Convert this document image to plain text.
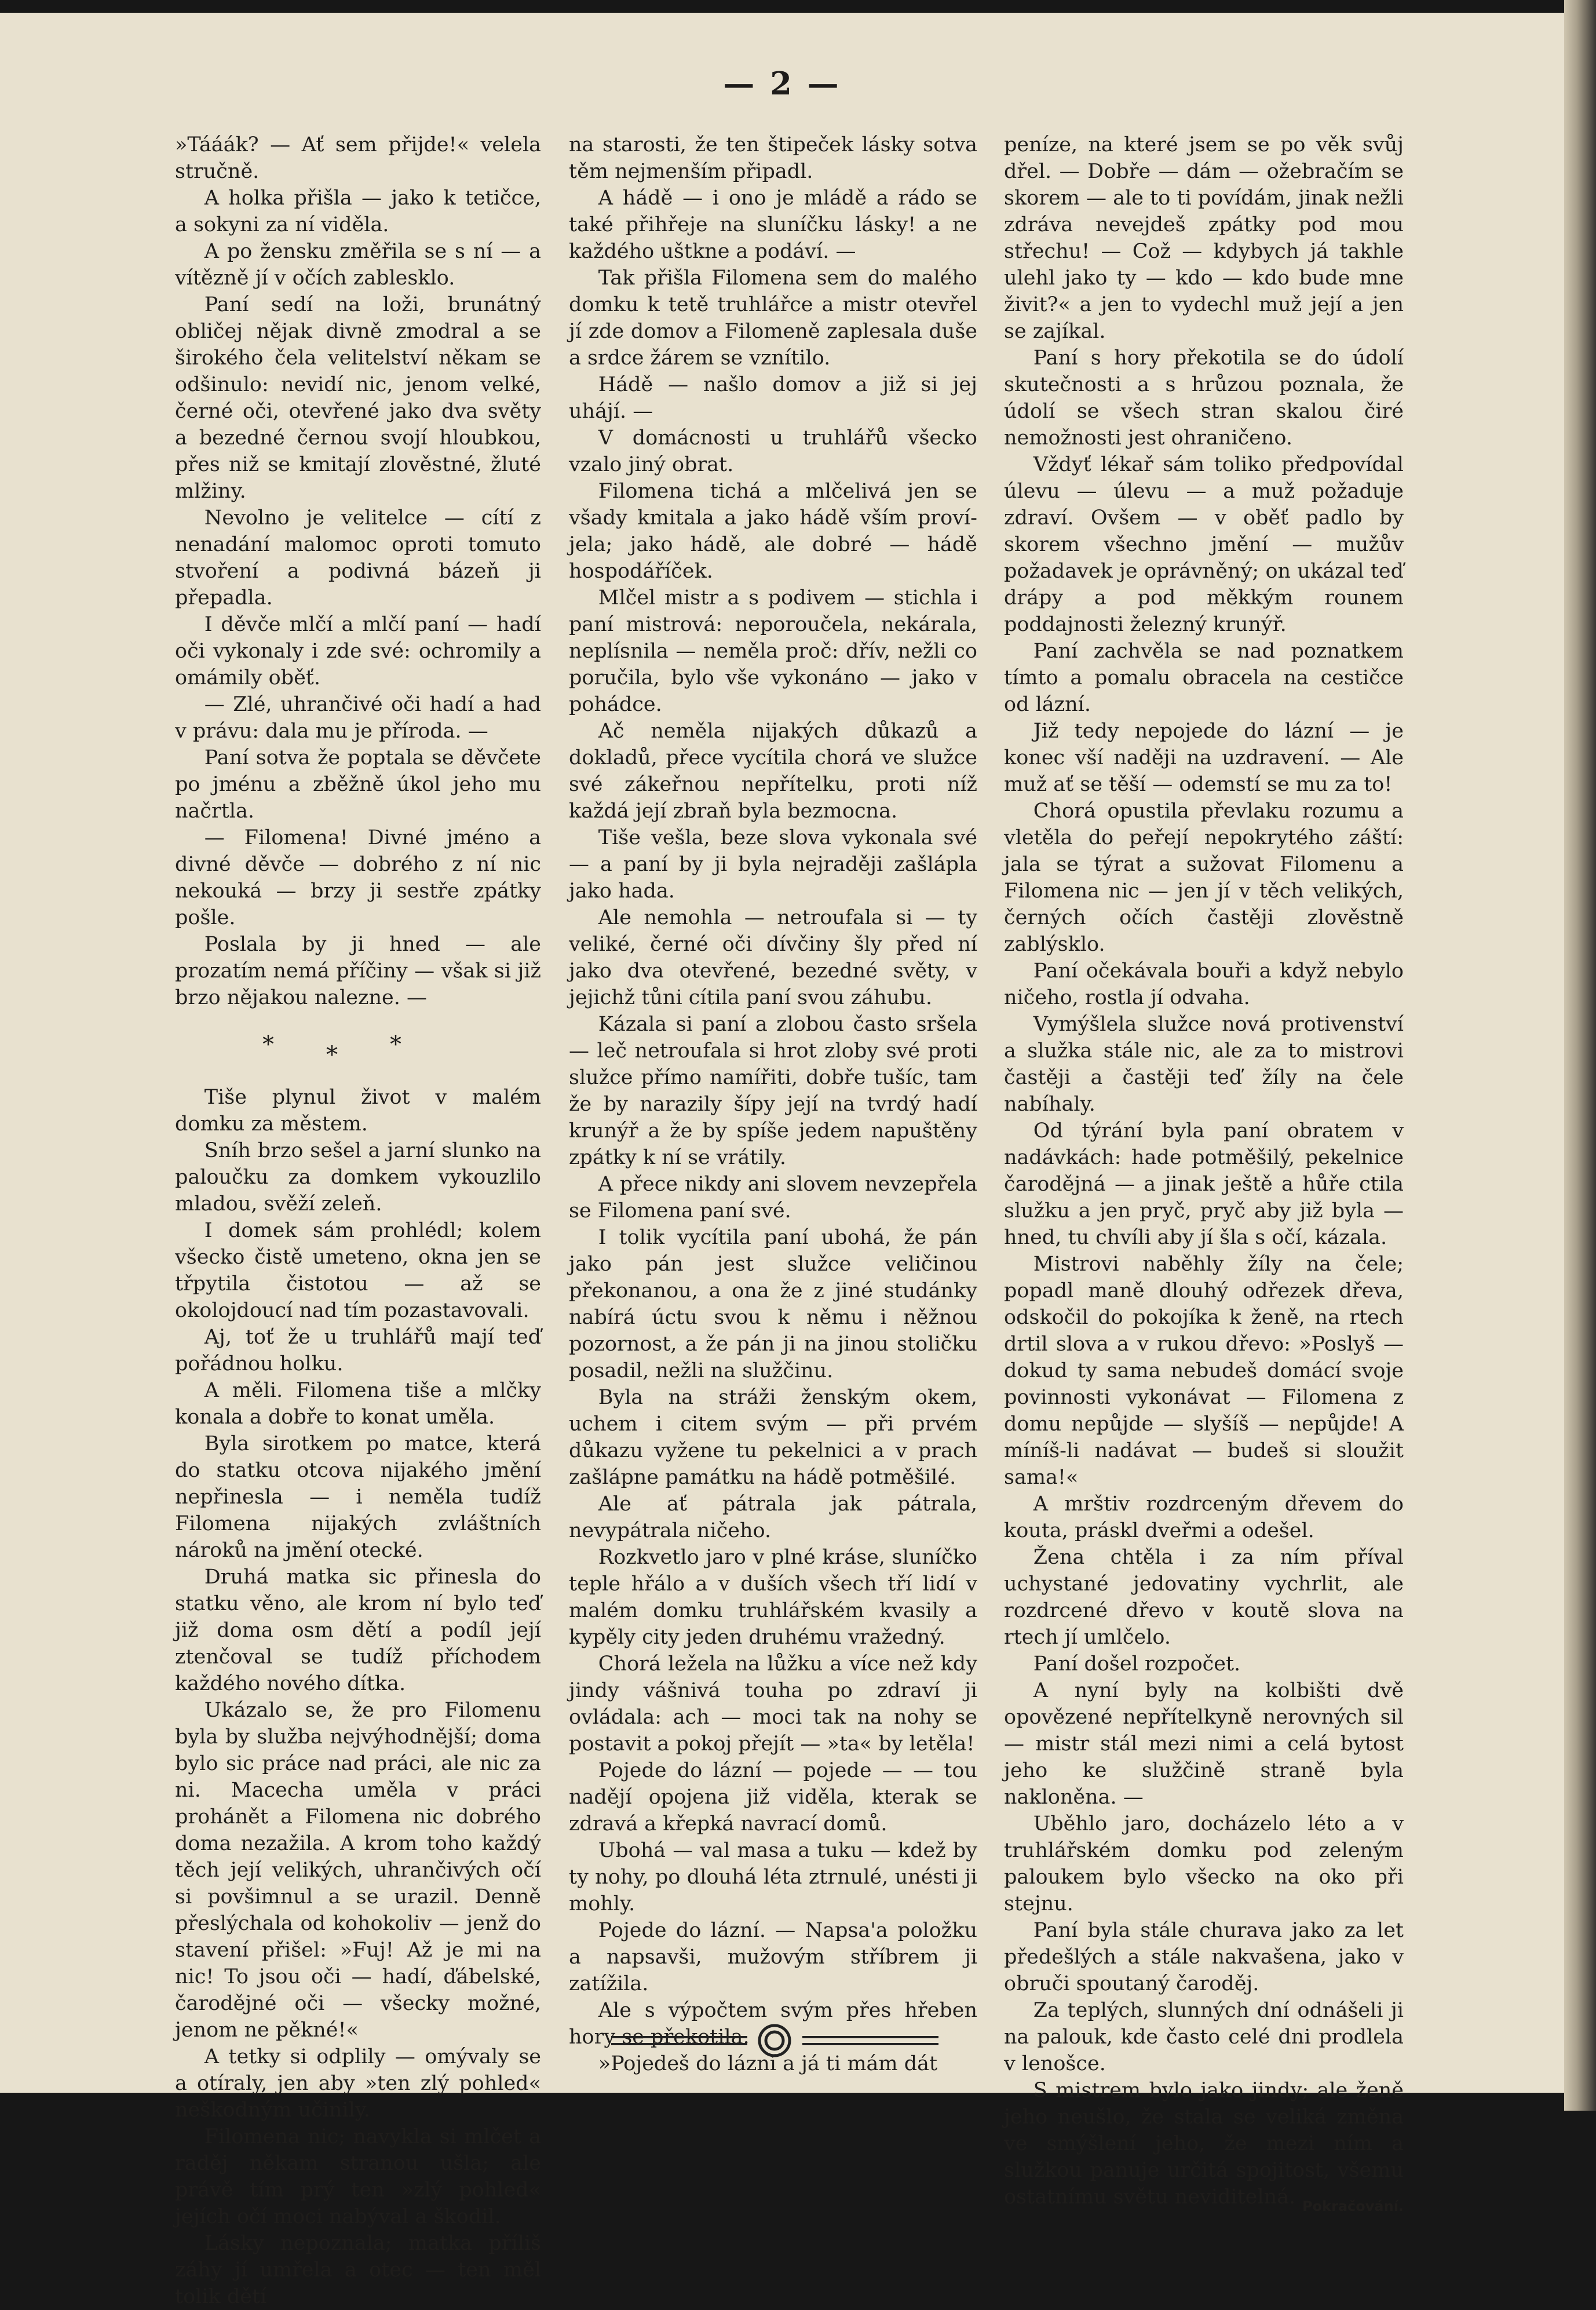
— 2 —

»Tááák? — Ať sem přijde!« velela stručně.

A holka přišla — jako k tetičce, a sokyni za ní viděla.

A po žensku změřila se s ní — a vítězně jí v očích zablesklo.

Paní sedí na loži, brunátný obličej nějak divně zmodral a se širokého čela velitelství někam se odšinulo: nevidí nic, jenom velké, černé oči, otevřené jako dva světy a bezedné černou svojí hloubkou, přes niž se kmitají zlověstné, žluté mlžiny.

Nevolno je velitelce — cítí z nenadání malomoc oproti tomuto stvoření a podivná bázeň ji přepadla.

I děvče mlčí a mlčí paní — hadí oči vykonaly i zde své: ochromily a omámily oběť.

— Zlé, uhrančivé oči hadí a had v právu: dala mu je příroda. —

Paní sotva že poptala se děvčete po jménu a zběžně úkol jeho mu načrtla.

— Filomena! Divné jméno a divné děvče — dobrého z ní nic nekouká — brzy ji sestře zpátky pošle.

Poslala by ji hned — ale prozatím nemá příčiny — však si již brzo nějakou nalezne. —

***

Tiše plynul život v malém domku za městem.

Sníh brzo sešel a jarní slunko na paloučku za domkem vykouzlilo mladou, svěží zeleň.

I domek sám prohlédl; kolem všecko čistě umeteno, okna jen se třpytila čistotou — až se okolojdoucí nad tím pozastavovali.

Aj, toť že u truhlářů mají teď pořádnou holku.

A měli. Filomena tiše a mlčky konala a dobře to konat uměla.

Byla sirotkem po matce, která do statku otcova nijakého jmění nepřinesla — i neměla tudíž Filomena nijakých zvláštních nároků na jmění otecké.

Druhá matka sic přinesla do statku věno, ale krom ní bylo teď již doma osm dětí a podíl její ztenčoval se tudíž příchodem každého nového dítka.

Ukázalo se, že pro Filomenu byla by služba nejvýhodnější; doma bylo sic práce nad práci, ale nic za ni. Macecha uměla v práci prohánět a Filomena nic dobrého doma nezažila. A krom toho každý těch její velikých, uhrančivých očí si povšimnul a se urazil. Denně přeslýchala od kohokoliv — jenž do stavení přišel: »Fuj! Až je mi na nic! To jsou oči — hadí, ďábelské, čarodějné oči — všecky možné, jenom ne pěkné!«

A tetky si odplily — omývaly se a otíraly, jen aby »ten zlý pohled« neškodným učinily.

Filomena nic; navykla si mlčet a raděj někam stranou ušla; ale právě tím prý ten »zlý pohled« jejích očí moci nabýval a škodil.

Lásky nepoznala; matka příliš záhy jí umřela a otec — ten měl tolik dětí

na starosti, že ten štipeček lásky sotva těm nejmenším připadl.

A hádě — i ono je mládě a rádo se také přihřeje na sluníčku lásky! a ne každého uštkne a podáví. —

Tak přišla Filomena sem do malého domku k tetě truhlářce a mistr otevřel jí zde domov a Filomeně zaplesala duše a srdce žárem se vznítilo.

Hádě — našlo domov a již si jej uhájí. —

V domácnosti u truhlářů všecko vzalo jiný obrat.

Filomena tichá a mlčelivá jen se všady kmitala a jako hádě vším províjela; jako hádě, ale dobré — hádě hospodáříček.

Mlčel mistr a s podivem — stichla i paní mistrová: neporoučela, nekárala, neplísnila — neměla proč: dřív, nežli co poručila, bylo vše vykonáno — jako v pohádce.

Ač neměla nijakých důkazů a dokladů, přece vycítila chorá ve služce své zákeřnou nepřítelku, proti níž každá její zbraň byla bezmocna.

Tiše vešla, beze slova vykonala své — a paní by ji byla nejraději zašlápla jako hada.

Ale nemohla — netroufala si — ty veliké, černé oči dívčiny šly před ní jako dva otevřené, bezedné světy, v jejichž tůni cítila paní svou záhubu.

Kázala si paní a zlobou často sršela — leč netroufala si hrot zloby své proti služce přímo namířiti, dobře tušíc, tam že by narazily šípy její na tvrdý hadí krunýř a že by spíše jedem napuštěny zpátky k ní se vrátily.

A přece nikdy ani slovem nevzepřela se Filomena paní své.

I tolik vycítila paní ubohá, že pán jako pán jest služce veličinou překonanou, a ona že z jiné studánky nabírá úctu svou k němu i něžnou pozornost, a že pán ji na jinou stoličku posadil, nežli na služčinu.

Byla na stráži ženským okem, uchem i citem svým — při prvém důkazu vyžene tu pekelnici a v prach zašlápne památku na hádě potměšilé.

Ale ať pátrala jak pátrala, nevypátrala ničeho.

Rozkvetlo jaro v plné kráse, sluníčko teple hřálo a v duších všech tří lidí v malém domku truhlářském kvasily a kypěly city jeden druhému vražedný.

Chorá ležela na lůžku a více než kdy jindy vášnivá touha po zdraví ji ovládala: ach — moci tak na nohy se postavit a pokoj přejít — »ta« by letěla!

Pojede do lázní — pojede — — tou nadějí opojena již viděla, kterak se zdravá a křepká navrací domů.

Ubohá — val masa a tuku — kdež by ty nohy, po dlouhá léta ztrnulé, unésti ji mohly.

Pojede do lázní. — Napsa'a položku a napsavši, mužovým stříbrem ji zatížila.

Ale s výpočtem svým přes hřeben hory se překotila.

»Pojedeš do lázní a já ti mám dát

peníze, na které jsem se po věk svůj dřel. — Dobře — dám — ožebračím se skorem — ale to ti povídám, jinak nežli zdráva nevejdeš zpátky pod mou střechu! — Což — kdybych já takhle ulehl jako ty — kdo — kdo bude mne živit?« a jen to vydechl muž její a jen se zajíkal.

Paní s hory překotila se do údolí skutečnosti a s hrůzou poznala, že údolí se všech stran skalou čiré nemožnosti jest ohraničeno.

Vždyť lékař sám toliko předpovídal úlevu — úlevu — a muž požaduje zdraví. Ovšem — v oběť padlo by skorem všechno jmění — mužův požadavek je oprávněný; on ukázal teď drápy a pod měkkým rounem poddajnosti železný krunýř.

Paní zachvěla se nad poznatkem tímto a pomalu obracela na cestičce od lázní.

Již tedy nepojede do lázní — je konec vší naději na uzdravení. — Ale muž ať se těší — odemstí se mu za to!

Chorá opustila převlaku rozumu a vletěla do peřejí nepokrytého záští: jala se týrat a sužovat Filomenu a Filomena nic — jen jí v těch velikých, černých očích častěji zlověstně zablýsklo.

Paní očekávala bouři a když nebylo ničeho, rostla jí odvaha.

Vymýšlela služce nová protivenství a služka stále nic, ale za to mistrovi častěji a častěji teď žíly na čele nabíhaly.

Od týrání byla paní obratem v nadávkách: hade potměšilý, pekelnice čarodějná — a jinak ještě a hůře ctila služku a jen pryč, pryč aby již byla — hned, tu chvíli aby jí šla s očí, kázala.

Mistrovi naběhly žíly na čele; popadl maně dlouhý odřezek dřeva, odskočil do pokojíka k ženě, na rtech drtil slova a v rukou dřevo: »Poslyš — dokud ty sama nebudeš domácí svoje povinnosti vykonávat — Filomena z domu nepůjde — slyšíš — nepůjde! A míníš-li nadávat — budeš si sloužit sama!«

A mrštiv rozdrceným dřevem do kouta, práskl dveřmi a odešel.

Žena chtěla i za ním příval uchystané jedovatiny vychrlit, ale rozdrcené dřevo v koutě slova na rtech jí umlčelo.

Paní došel rozpočet.

A nyní byly na kolbišti dvě opovězené nepřítelkyně nerovných sil — mistr stál mezi nimi a celá bytost jeho ke služčině straně byla nakloněna. —

Uběhlo jaro, docházelo léto a v truhlářském domku pod zeleným paloukem bylo všecko na oko při stejnu.

Paní byla stále churava jako za let předešlých a stále nakvašena, jako v obruči spoutaný čaroděj.

Za teplých, slunných dní odnášeli ji na palouk, kde často celé dni prodlela v lenošce.

S mistrem bylo jako jindy; ale ženě jeho neušlo, že stala se veliká změna ve smýšlení jeho, že mezi ním a služkou panuje určitá spojitost, všemu ostatnímu světu neviditelná. Pokračování.
